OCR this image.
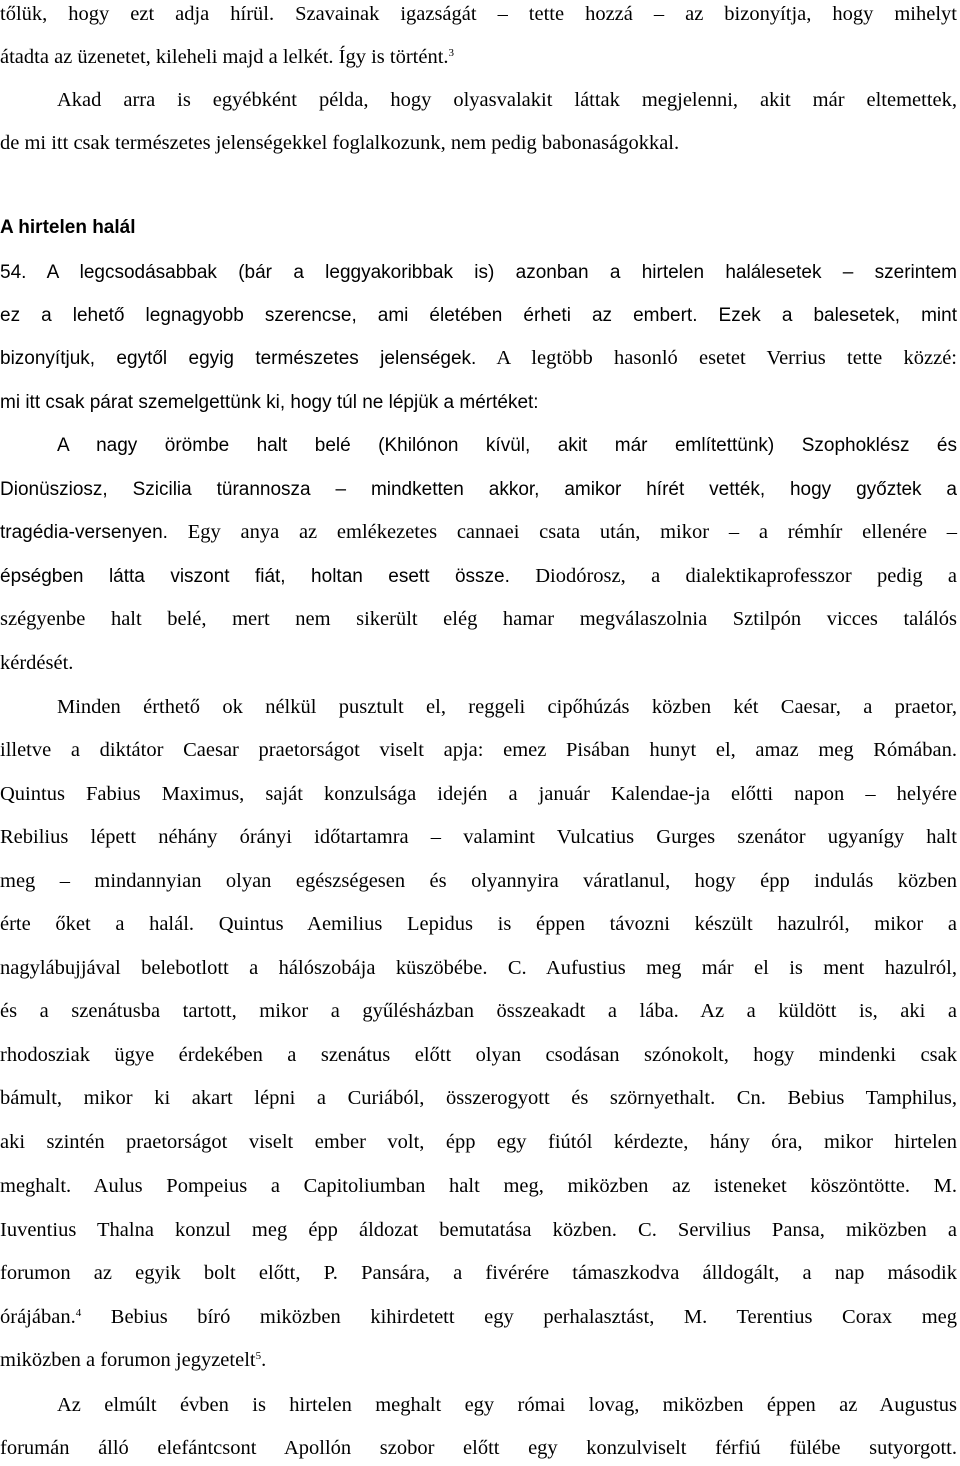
tőlük, hogy ezt adja hírül. Szavainak igazságát – tette hozzá – az bizonyítja, hogy mihelyt
átadta az üzenetet, kileheli majd a lelkét. Így is történt.$^3$
Akad arra is egyébként példa, hogy olyasvalakit láttak megjelenni, akit már eltemettek,
de mi itt csak természetes jelenségekkel foglalkozunk, nem pedig babonaságokkal.
A hirtelen halál
54. A legcsodásabbak (bár a leggyakoribbak is) azonban a hirtelen halálesetek – szerintem
ez a lehető legnagyobb szerencse, ami életében érheti az embert. Ezek a balesetek, mint
bizonyítjuk, egytől egyig természetes jelenségek. A legtöbb hasonló esetet Verrius tette közzé:
mi itt csak párat szemelgettünk ki, hogy túl ne lépjük a mértéket:
A nagy örömbe halt belé (Khilónon kívül, akit már említettünk) Szophoklész és
Dionüsziosz, Szicilia türannosza – mindketten akkor, amikor hírét vették, hogy győztek a
tragédia-versenyen. Egy anya az emlékezetes cannaei csata után, mikor – a rémhír ellenére –
épségben látta viszont fiát, holtan esett össze. Diodórosz, a dialektikaprofesszor pedig a
szégyenbe halt belé, mert nem sikerült elég hamar megválaszolnia Sztilpón vicces találós
kérdését.
Minden érthető ok nélkül pusztult el, reggeli cipőhúzás közben két Caesar, a praetor,
illetve a diktátor Caesar praetorságot viselt apja: emez Pisában hunyt el, amaz meg Rómában.
Quintus Fabius Maximus, saját konzulsága idején a január Kalendae-ja előtti napon – helyére
Rebilius lépett néhány órányi időtartamra – valamint Vulcatius Gurges szenátor ugyanígy halt
meg – mindannyian olyan egészségesen és olyannyira váratlanul, hogy épp indulás közben
érte őket a halál. Quintus Aemilius Lepidus is éppen távozni készült hazulról, mikor a
nagylábujjával belebotlott a hálószobája küszöbébe. C. Aufustius meg már el is ment hazulról,
és a szenátusba tartott, mikor a gyűlésházban összeakadt a lába. Az a küldött is, aki a
rhodosziak ügye érdekében a szenátus előtt olyan csodásan szónokolt, hogy mindenki csak
bámult, mikor ki akart lépni a Curiából, összerogyott és szörnyethalt. Cn. Bebius Tamphilus,
aki szintén praetorságot viselt ember volt, épp egy fiútól kérdezte, hány óra, mikor hirtelen
meghalt. Aulus Pompeius a Capitoliumban halt meg, miközben az isteneket köszöntötte. M.
Iuventius Thalna konzul meg épp áldozat bemutatása közben. C. Servilius Pansa, miközben a
forumon az egyik bolt előtt, P. Pansára, a fivérére támaszkodva álldogált, a nap második
órájában.$^4$ Bebius bíró miközben kihirdetett egy perhalasztást, M. Terentius Corax meg
miközben a forumon jegyzetelt$^5$.
Az elmúlt évben is hirtelen meghalt egy római lovag, miközben éppen az Augustus
forumán álló elefántcsont Apollón szobor előtt egy konzulviselt férfiú fülébe sutyorgott.
